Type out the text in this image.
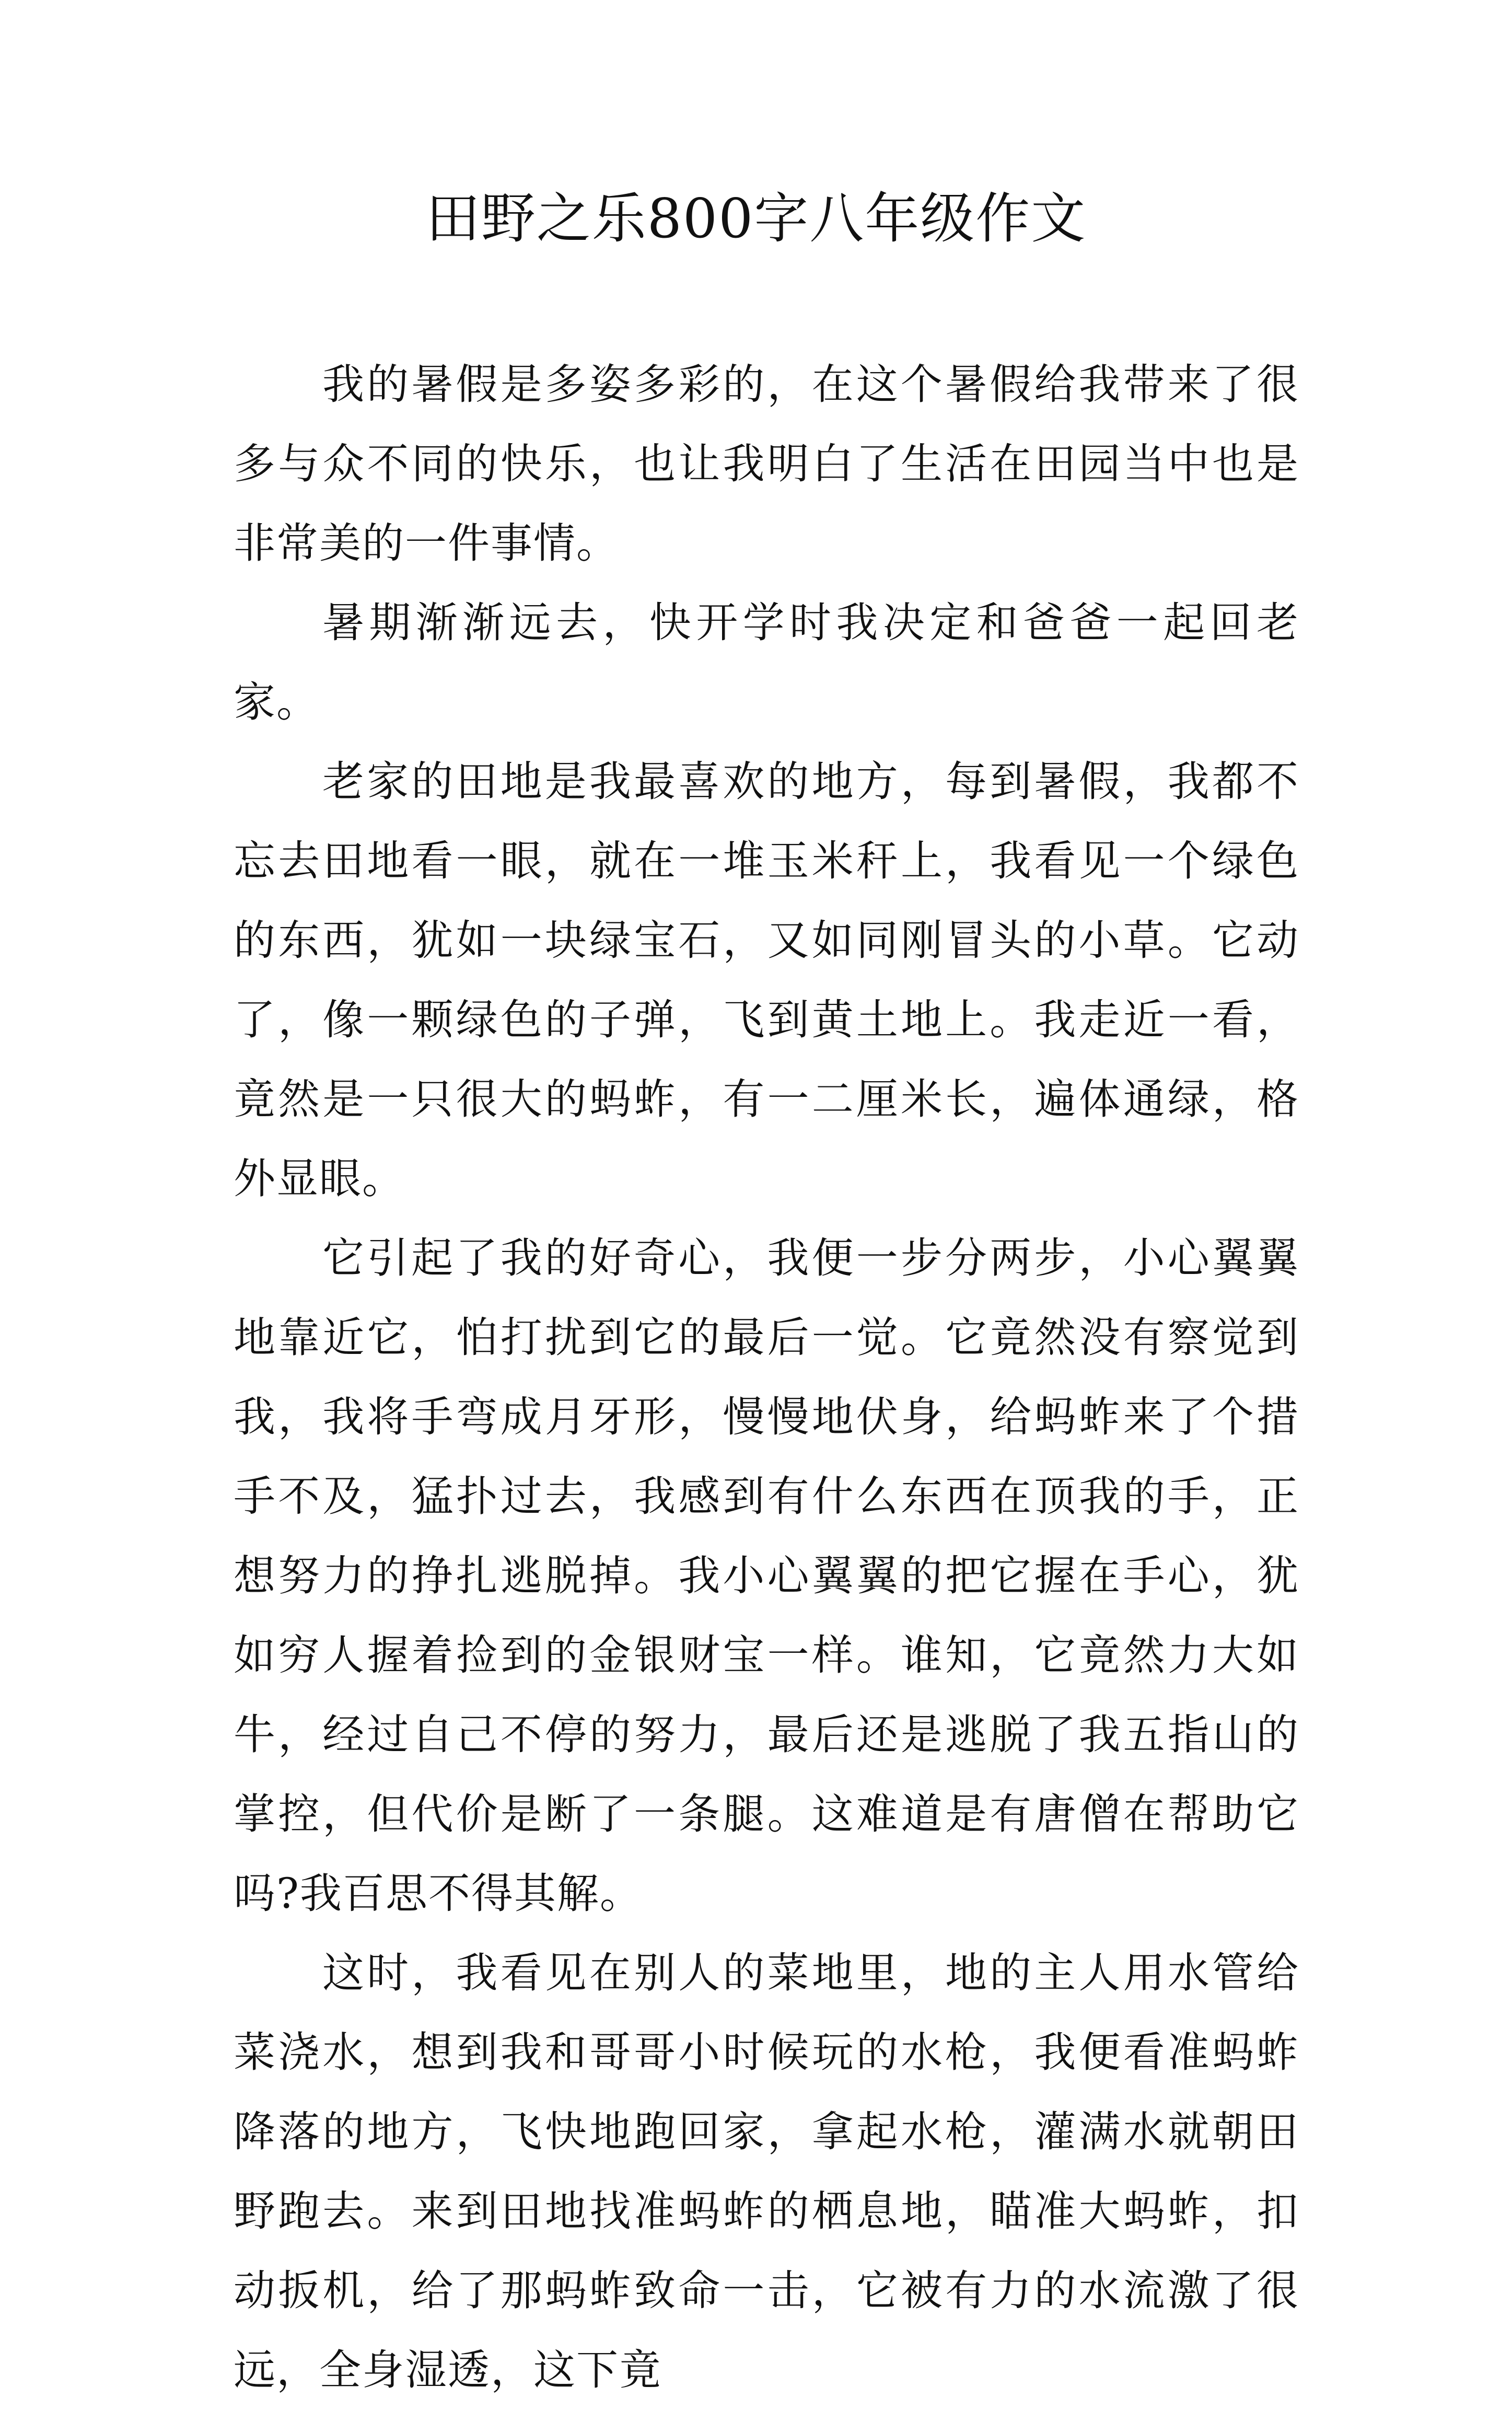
田野之乐800字八年级作文

我的暑假是多姿多彩的，在这个暑假给我带来了很多与众不同的快乐，也让我明白了生活在田园当中也是非常美的一件事情。

暑期渐渐远去，快开学时我决定和爸爸一起回老家。

老家的田地是我最喜欢的地方，每到暑假，我都不忘去田地看一眼，就在一堆玉米秆上，我看见一个绿色的东西，犹如一块绿宝石，又如同刚冒头的小草。它动了，像一颗绿色的子弹，飞到黄土地上。我走近一看，竟然是一只很大的蚂蚱，有一二厘米长，遍体通绿，格外显眼。

它引起了我的好奇心，我便一步分两步，小心翼翼地靠近它，怕打扰到它的最后一觉。它竟然没有察觉到我，我将手弯成月牙形，慢慢地伏身，给蚂蚱来了个措手不及，猛扑过去，我感到有什么东西在顶我的手，正想努力的挣扎逃脱掉。我小心翼翼的把它握在手心，犹如穷人握着捡到的金银财宝一样。谁知，它竟然力大如牛，经过自己不停的努力，最后还是逃脱了我五指山的掌控，但代价是断了一条腿。这难道是有唐僧在帮助它吗?我百思不得其解。

这时，我看见在别人的菜地里，地的主人用水管给菜浇水，想到我和哥哥小时候玩的水枪，我便看准蚂蚱降落的地方，飞快地跑回家，拿起水枪，灌满水就朝田野跑去。来到田地找准蚂蚱的栖息地，瞄准大蚂蚱，扣动扳机，给了那蚂蚱致命一击，它被有力的水流激了很远，全身湿透，这下竟
